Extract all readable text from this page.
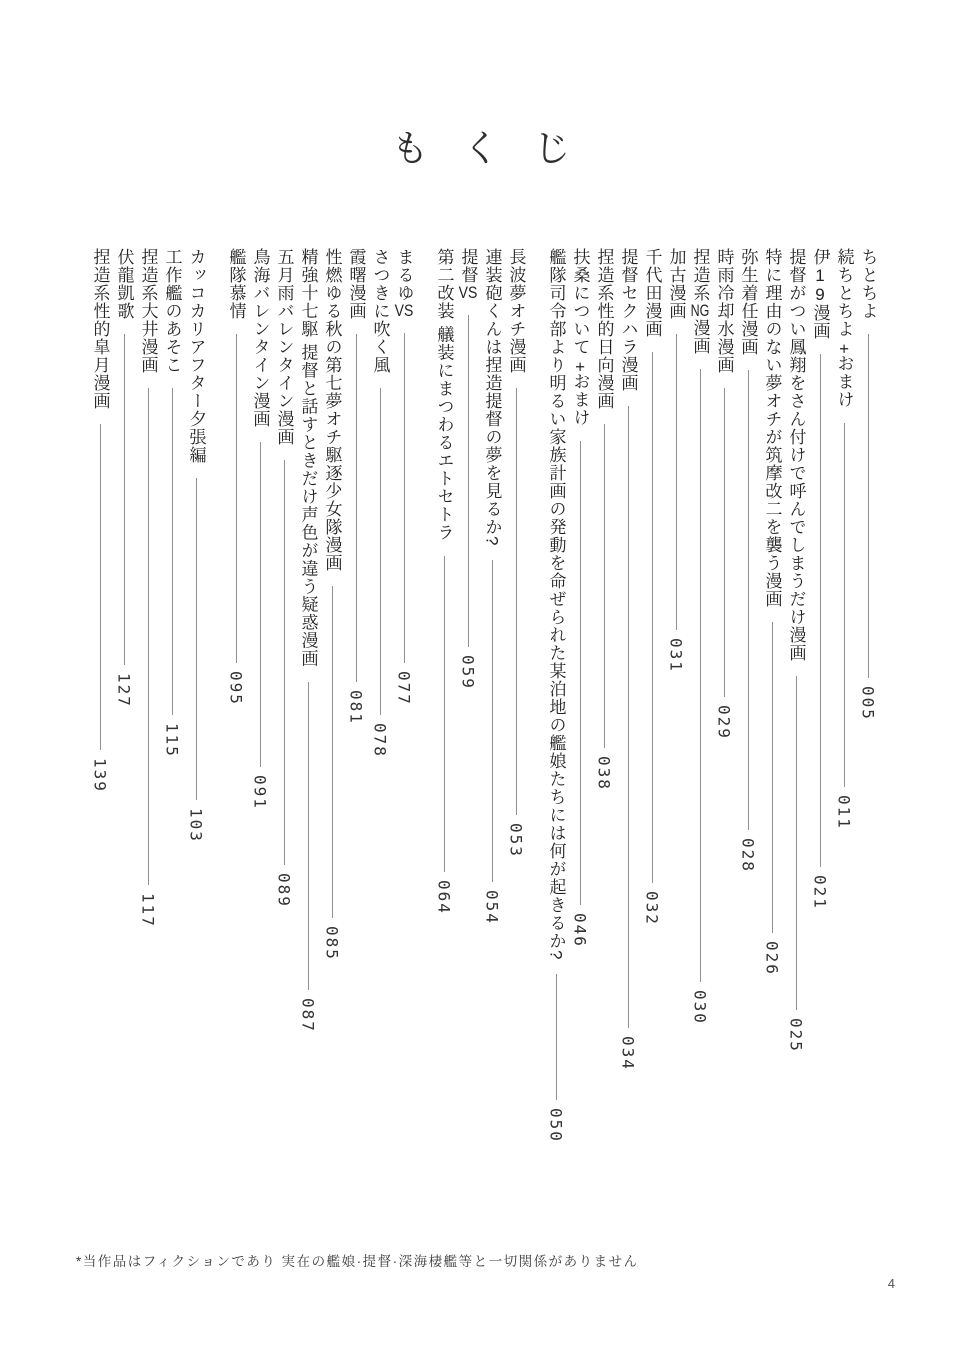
もくじ
ちとちよ
005
続ちとちよ +おまけ
011
伊19漫画
021
提督がつい鳳翔をさん付けで呼んでしまうだけ漫画
025
特に理由のない夢オチが筑摩改二を襲う漫画
026
弥生着任漫画
028
時雨冷却水漫画
029
捏造系NG漫画
030
加古漫画
031
千代田漫画
032
提督セクハラ漫画
034
捏造系性的日向漫画
038
扶桑について +おまけ
046
艦隊司令部より明るい家族計画の発動を命ぜられた某泊地の艦娘たちには何が起きるか?
050
長波夢オチ漫画
053
連装砲くんは捏造提督の夢を見るか?
054
提督VS
059
第二改装 艤装にまつわるエトセトラ
064
まるゆVS
077
さつきに吹く風
078
霞曙漫画
081
性燃ゆる秋の第七夢オチ駆逐少女隊漫画
085
精強十七駆 提督と話すときだけ声色が違う疑惑漫画
087
五月雨バレンタイン漫画
089
鳥海バレンタイン漫画
091
艦隊慕情
095
カッコカリアフター夕張編
103
工作艦のあそこ
115
捏造系大井漫画
117
伏龍凱歌
127
捏造系性的皐月漫画
139
*当作品はフィクションであり 実在の艦娘·提督·深海棲艦等と一切関係がありません
4
